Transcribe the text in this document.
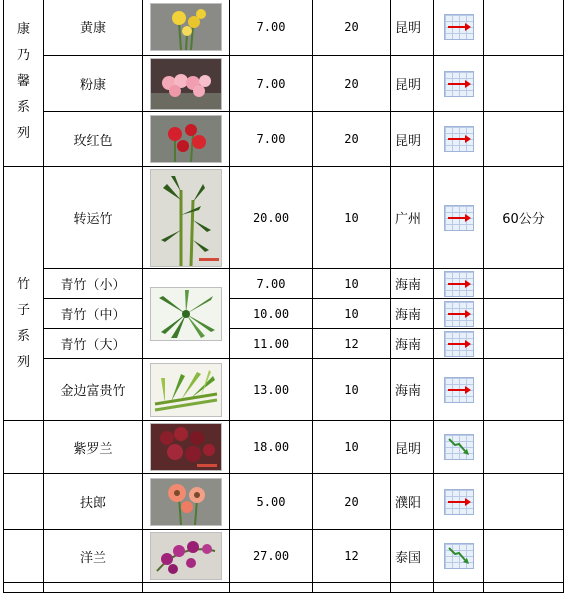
康乃馨系列	黄康		7.00	20	昆明	

	粉康		7.00	20	昆明	

	玫红色		7.00	20	昆明	

竹子系列	转运竹		20.00	10	广州		60公分
	青竹（小）		7.00	10	海南	

	青竹（中）		10.00	10	海南	

	青竹（大）		11.00	12	海南	

	金边富贵竹		13.00	10	海南	

	紫罗兰		18.00	10	昆明	

	扶郎		5.00	20	濮阳	

	洋兰		27.00	12	泰国	
